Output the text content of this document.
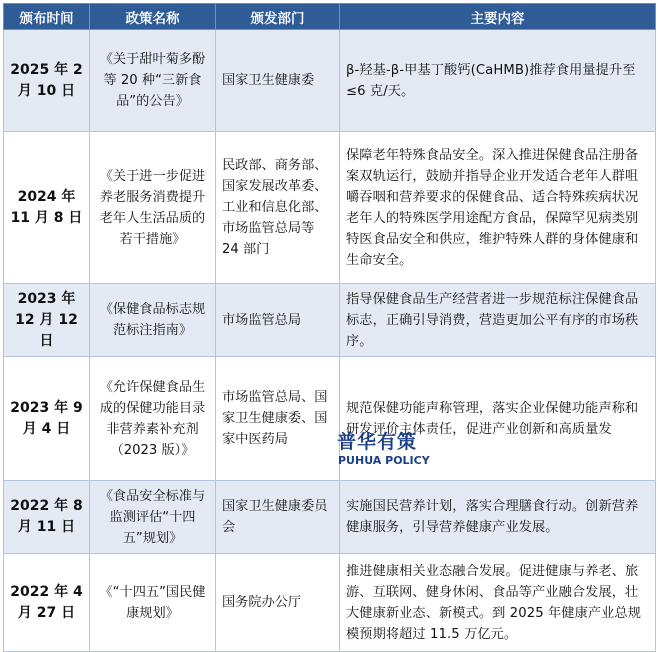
颁布时间	政策名称	颁发部门	主要内容
2025 年 2 月 10 日	《关于甜叶菊多酚等 20 种“三新食品”的公告》	国家卫生健康委	β-羟基-β-甲基丁酸钙(CaHMB)推荐食用量提升至≤6 克/天。
2024 年 11 月 8 日	《关于进一步促进养老服务消费提升老年人生活品质的若干措施》	民政部、商务部、国家发展改革委、工业和信息化部、市场监管总局等 24 部门	保障老年特殊食品安全。深入推进保健食品注册备案双轨运行，鼓励并指导企业开发适合老年人群咀嚼吞咽和营养要求的保健食品、适合特殊疾病状况老年人的特殊医学用途配方食品，保障罕见病类别特医食品安全和供应，维护特殊人群的身体健康和生命安全。
2023 年 12 月 12 日	《保健食品标志规范标注指南》	市场监管总局	指导保健食品生产经营者进一步规范标注保健食品标志，正确引导消费，营造更加公平有序的市场秩序。
2023 年 9 月 4 日	《允许保健食品生成的保健功能目录非营养素补充剂（2023 版）》	市场监管总局、国家卫生健康委、国家中医药局	规范保健功能声称管理，落实企业保健功能声称和研发评价主体责任，促进产业创新和高质量发
2022 年 8 月 11 日	《食品安全标准与监测评估“十四五”规划》	国家卫生健康委员会	实施国民营养计划，落实合理膳食行动。创新营养健康服务，引导营养健康产业发展。
2022 年 4 月 27 日	《“十四五”国民健康规划》	国务院办公厅	推进健康相关业态融合发展。促进健康与养老、旅游、互联网、健身休闲、食品等产业融合发展，壮大健康新业态、新模式。到 2025 年健康产业总规模预期将超过 11.5 万亿元。
普华有策
PUHUA POLICY
